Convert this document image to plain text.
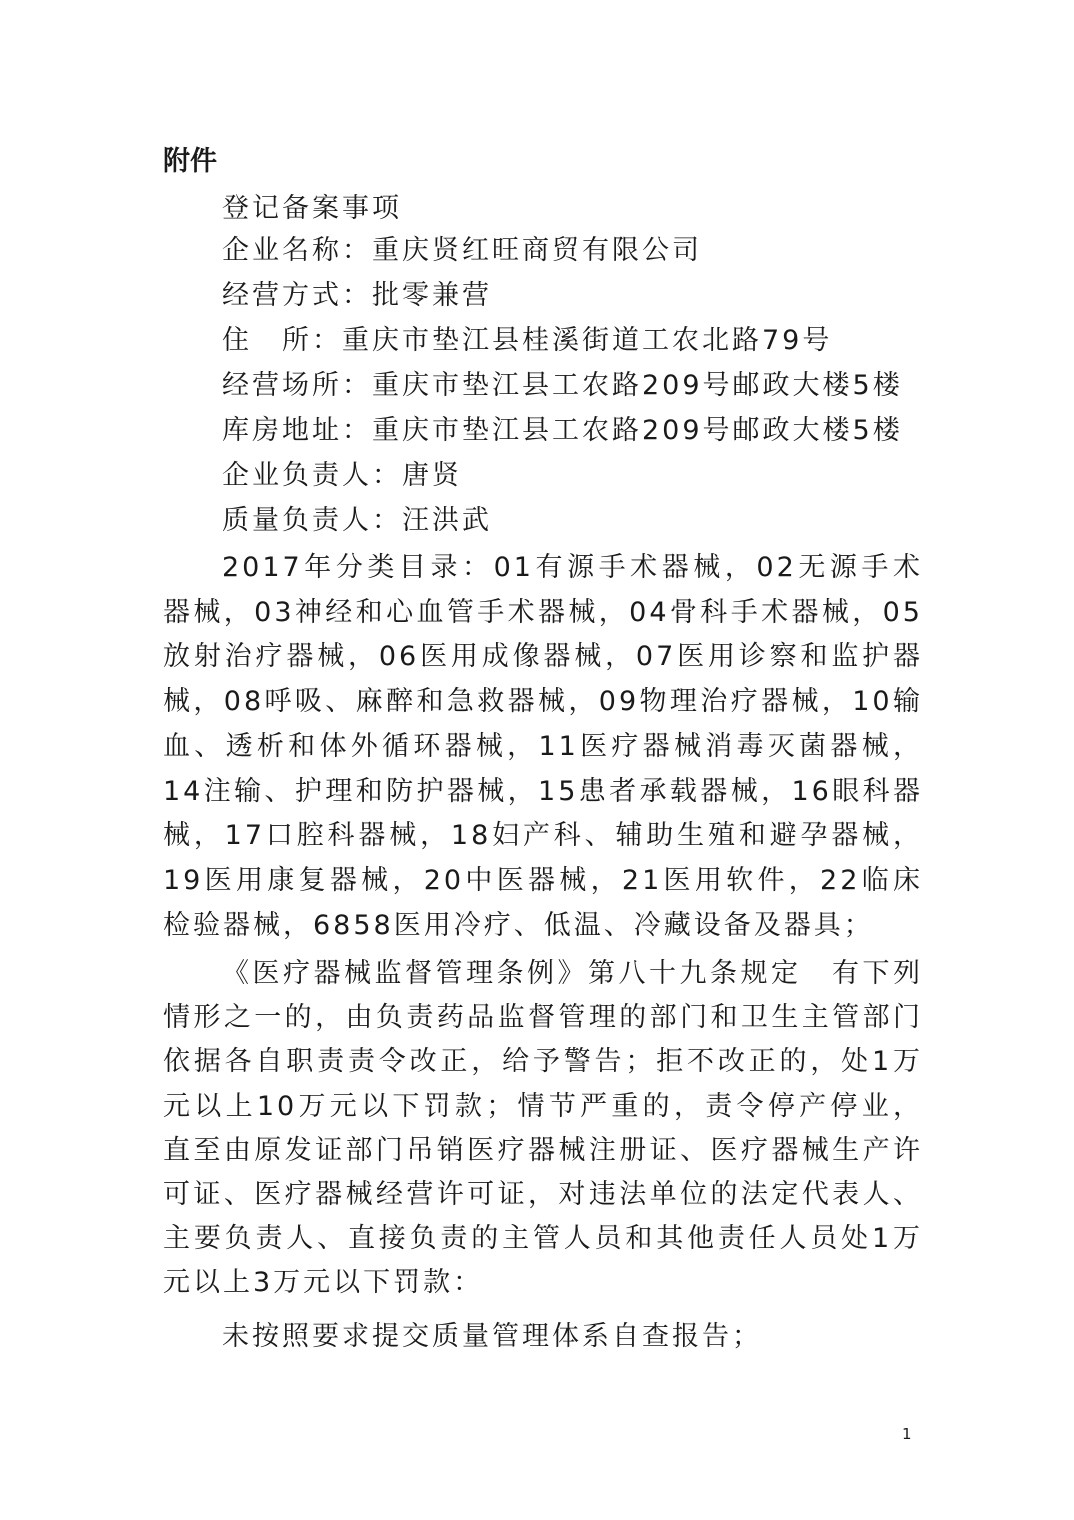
附件
登记备案事项
企业名称：重庆贤红旺商贸有限公司
经营方式：批零兼营
住　所：重庆市垫江县桂溪街道工农北路79号
经营场所：重庆市垫江县工农路209号邮政大楼5楼
库房地址：重庆市垫江县工农路209号邮政大楼5楼
企业负责人：唐贤
质量负责人：汪洪武

2017年分类目录：01有源手术器械，02无源手术器械，03神经和心血管手术器械，04骨科手术器械，05放射治疗器械，06医用成像器械，07医用诊察和监护器械，08呼吸、麻醉和急救器械，09物理治疗器械，10输血、透析和体外循环器械，11医疗器械消毒灭菌器械，14注输、护理和防护器械，15患者承载器械，16眼科器械，17口腔科器械，18妇产科、辅助生殖和避孕器械，19医用康复器械，20中医器械，21医用软件，22临床检验器械，6858医用冷疗、低温、冷藏设备及器具；

《医疗器械监督管理条例》第八十九条规定　有下列情形之一的，由负责药品监督管理的部门和卫生主管部门依据各自职责责令改正，给予警告；拒不改正的，处1万元以上10万元以下罚款；情节严重的，责令停产停业，直至由原发证部门吊销医疗器械注册证、医疗器械生产许可证、医疗器械经营许可证，对违法单位的法定代表人、主要负责人、直接负责的主管人员和其他责任人员处1万元以上3万元以下罚款：

未按照要求提交质量管理体系自查报告；
1
